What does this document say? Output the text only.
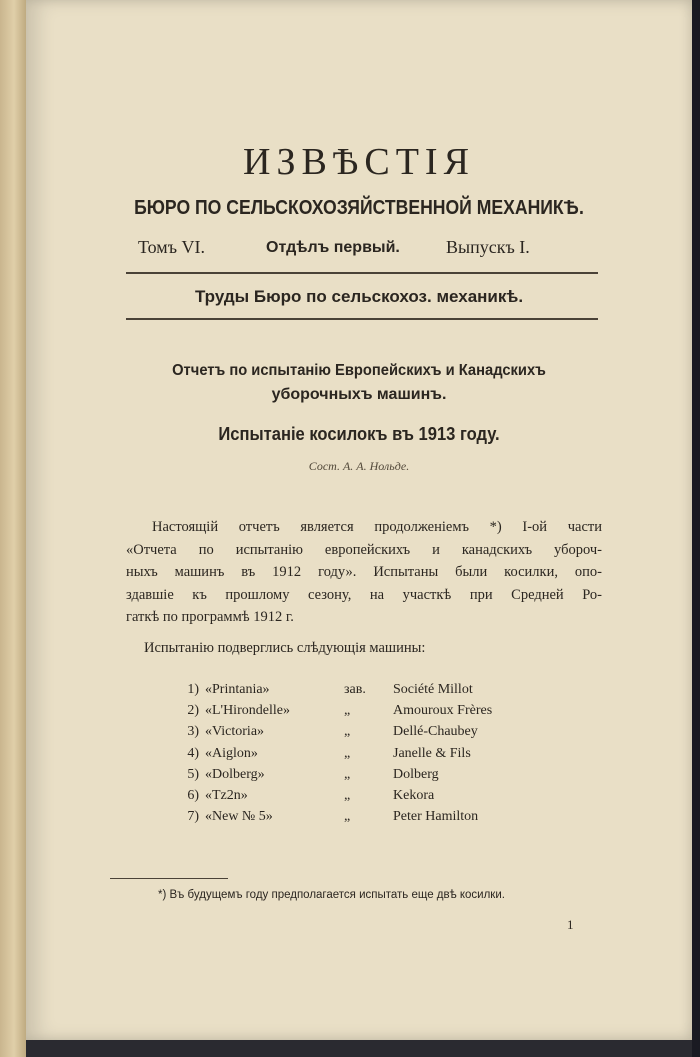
ИЗВѢСТІЯ
БЮРО ПО СЕЛЬСКОХОЗЯЙСТВЕННОЙ МЕХАНИКѢ.
Томъ VI.	Отдѣлъ первый.	Выпускъ I.
Труды Бюро по сельскохоз. механикѣ.
Отчетъ по испытанію Европейскихъ и Канадскихъ
уборочныхъ машинъ.
Испытаніе косилокъ въ 1913 году.
Сост. А. А. Нольде.
Настоящій отчетъ является продолженіемъ *) І-ой части
«Отчета по испытанію европейскихъ и канадскихъ убороч-
ныхъ машинъ въ 1912 году». Испытаны были косилки, опо-
здавшіе къ прошлому сезону, на участкѣ при Средней Ро-
гаткѣ по программѣ 1912 г.
Испытанію подверглись слѣдующія машины:
1) «Printania»	зав. Société Millot
2) «L'Hirondelle»	„	Amouroux Frères
3) «Victoria»	„	Dellé-Chaubey
4) «Aiglon»	„	Janelle & Fils
5) «Dolberg»	„	Dolberg
6) «Tz2n»	„	Kekora
7) «New № 5»	„	Peter Hamilton
*) Въ будущемъ году предполагается испытать еще двѣ косилки.
1
